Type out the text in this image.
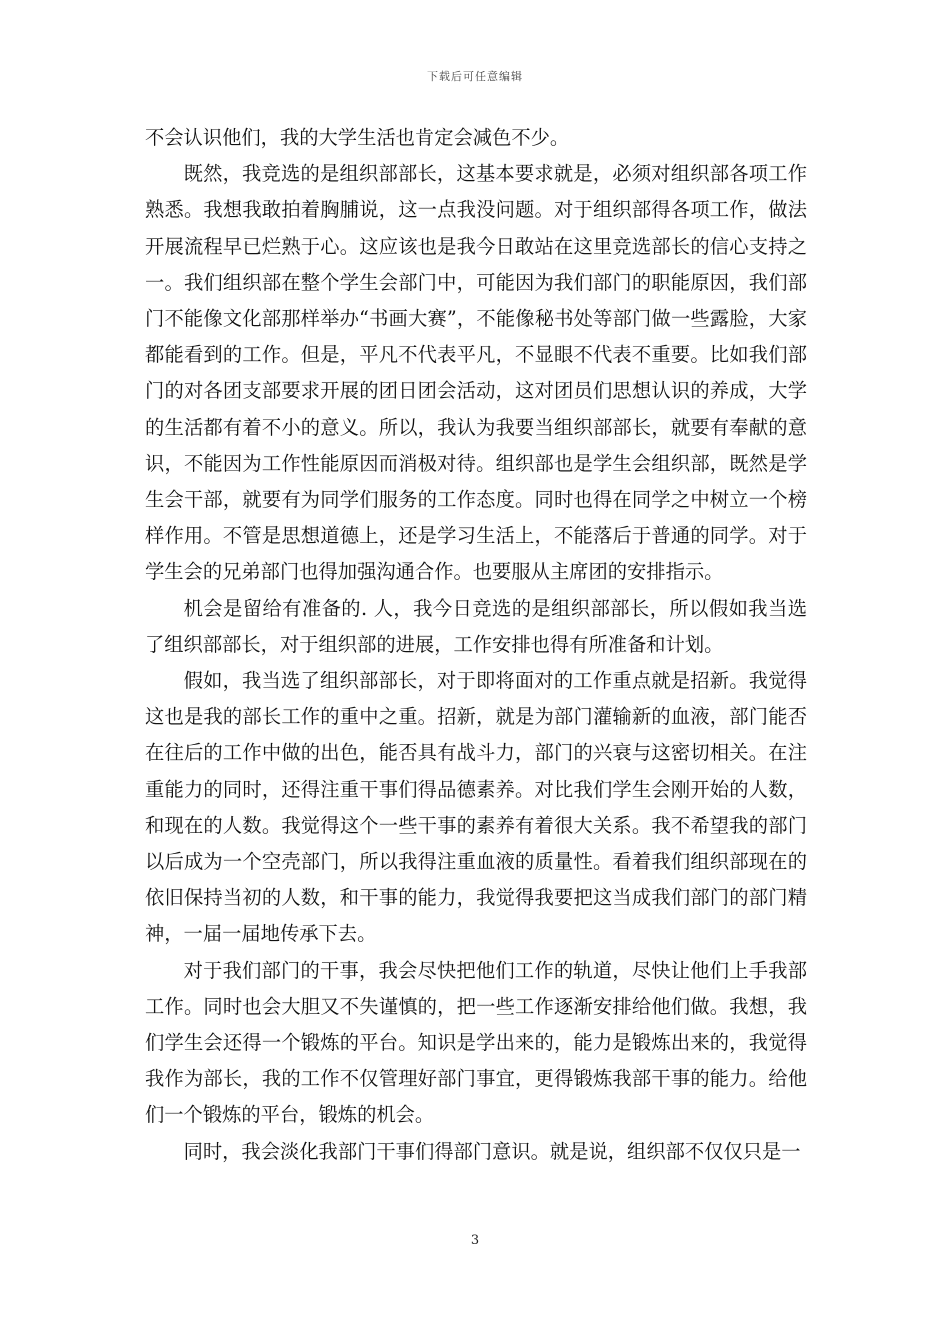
下载后可任意编辑

不会认识他们，我的大学生活也肯定会减色不少。

既然，我竞选的是组织部部长，这基本要求就是，必须对组织部各项工作熟悉。我想我敢拍着胸脯说，这一点我没问题。对于组织部得各项工作，做法开展流程早已烂熟于心。这应该也是我今日敢站在这里竞选部长的信心支持之一。我们组织部在整个学生会部门中，可能因为我们部门的职能原因，我们部门不能像文化部那样举办“书画大赛”，不能像秘书处等部门做一些露脸，大家都能看到的工作。但是，平凡不代表平凡，不显眼不代表不重要。比如我们部门的对各团支部要求开展的团日团会活动，这对团员们思想认识的养成，大学的生活都有着不小的意义。所以，我认为我要当组织部部长，就要有奉献的意识，不能因为工作性能原因而消极对待。组织部也是学生会组织部，既然是学生会干部，就要有为同学们服务的工作态度。同时也得在同学之中树立一个榜样作用。不管是思想道德上，还是学习生活上，不能落后于普通的同学。对于学生会的兄弟部门也得加强沟通合作。也要服从主席团的安排指示。

机会是留给有准备的. 人，我今日竞选的是组织部部长，所以假如我当选了组织部部长，对于组织部的进展，工作安排也得有所准备和计划。

假如，我当选了组织部部长，对于即将面对的工作重点就是招新。我觉得这也是我的部长工作的重中之重。招新，就是为部门灌输新的血液，部门能否在往后的工作中做的出色，能否具有战斗力，部门的兴衰与这密切相关。在注重能力的同时，还得注重干事们得品德素养。对比我们学生会刚开始的人数，和现在的人数。我觉得这个一些干事的素养有着很大关系。我不希望我的部门以后成为一个空壳部门，所以我得注重血液的质量性。看着我们组织部现在的依旧保持当初的人数，和干事的能力，我觉得我要把这当成我们部门的部门精神，一届一届地传承下去。

对于我们部门的干事，我会尽快把他们工作的轨道，尽快让他们上手我部工作。同时也会大胆又不失谨慎的，把一些工作逐渐安排给他们做。我想，我们学生会还得一个锻炼的平台。知识是学出来的，能力是锻炼出来的，我觉得我作为部长，我的工作不仅管理好部门事宜，更得锻炼我部干事的能力。给他们一个锻炼的平台，锻炼的机会。

同时，我会淡化我部门干事们得部门意识。就是说，组织部不仅仅只是一

3
